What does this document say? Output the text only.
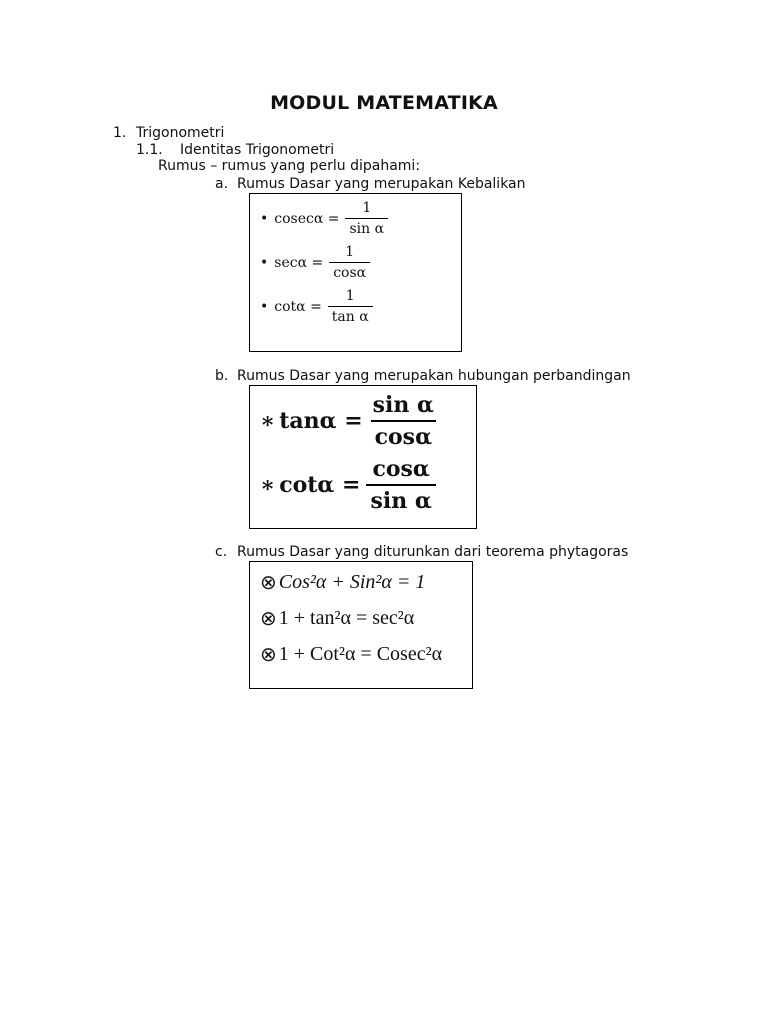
MODUL MATEMATIKA
1. Trigonometri
1.1. Identitas Trigonometri
Rumus – rumus yang perlu dipahami:
a. Rumus Dasar yang merupakan Kebalikan
• $cosec\alpha = \frac{1}{\text{sin α}}$
• $\sec\alpha = \frac{1}{\cos\alpha}$
• $\cot\alpha = \frac{1}{\text{tan α}}$
b. Rumus Dasar yang merupakan hubungan perbandingan
∗ $\tan\alpha = \frac{\text{sin α}}{\cos\alpha}$
∗ $\cot\alpha = \frac{\cos\alpha}{\text{sin α}}$
c. Rumus Dasar yang diturunkan dari teorema phytagoras
⊗ Cos²α + Sin²α = 1
⊗ 1 + tan²α = sec²α
⊗ 1 + Cot²α = Cosec²α
